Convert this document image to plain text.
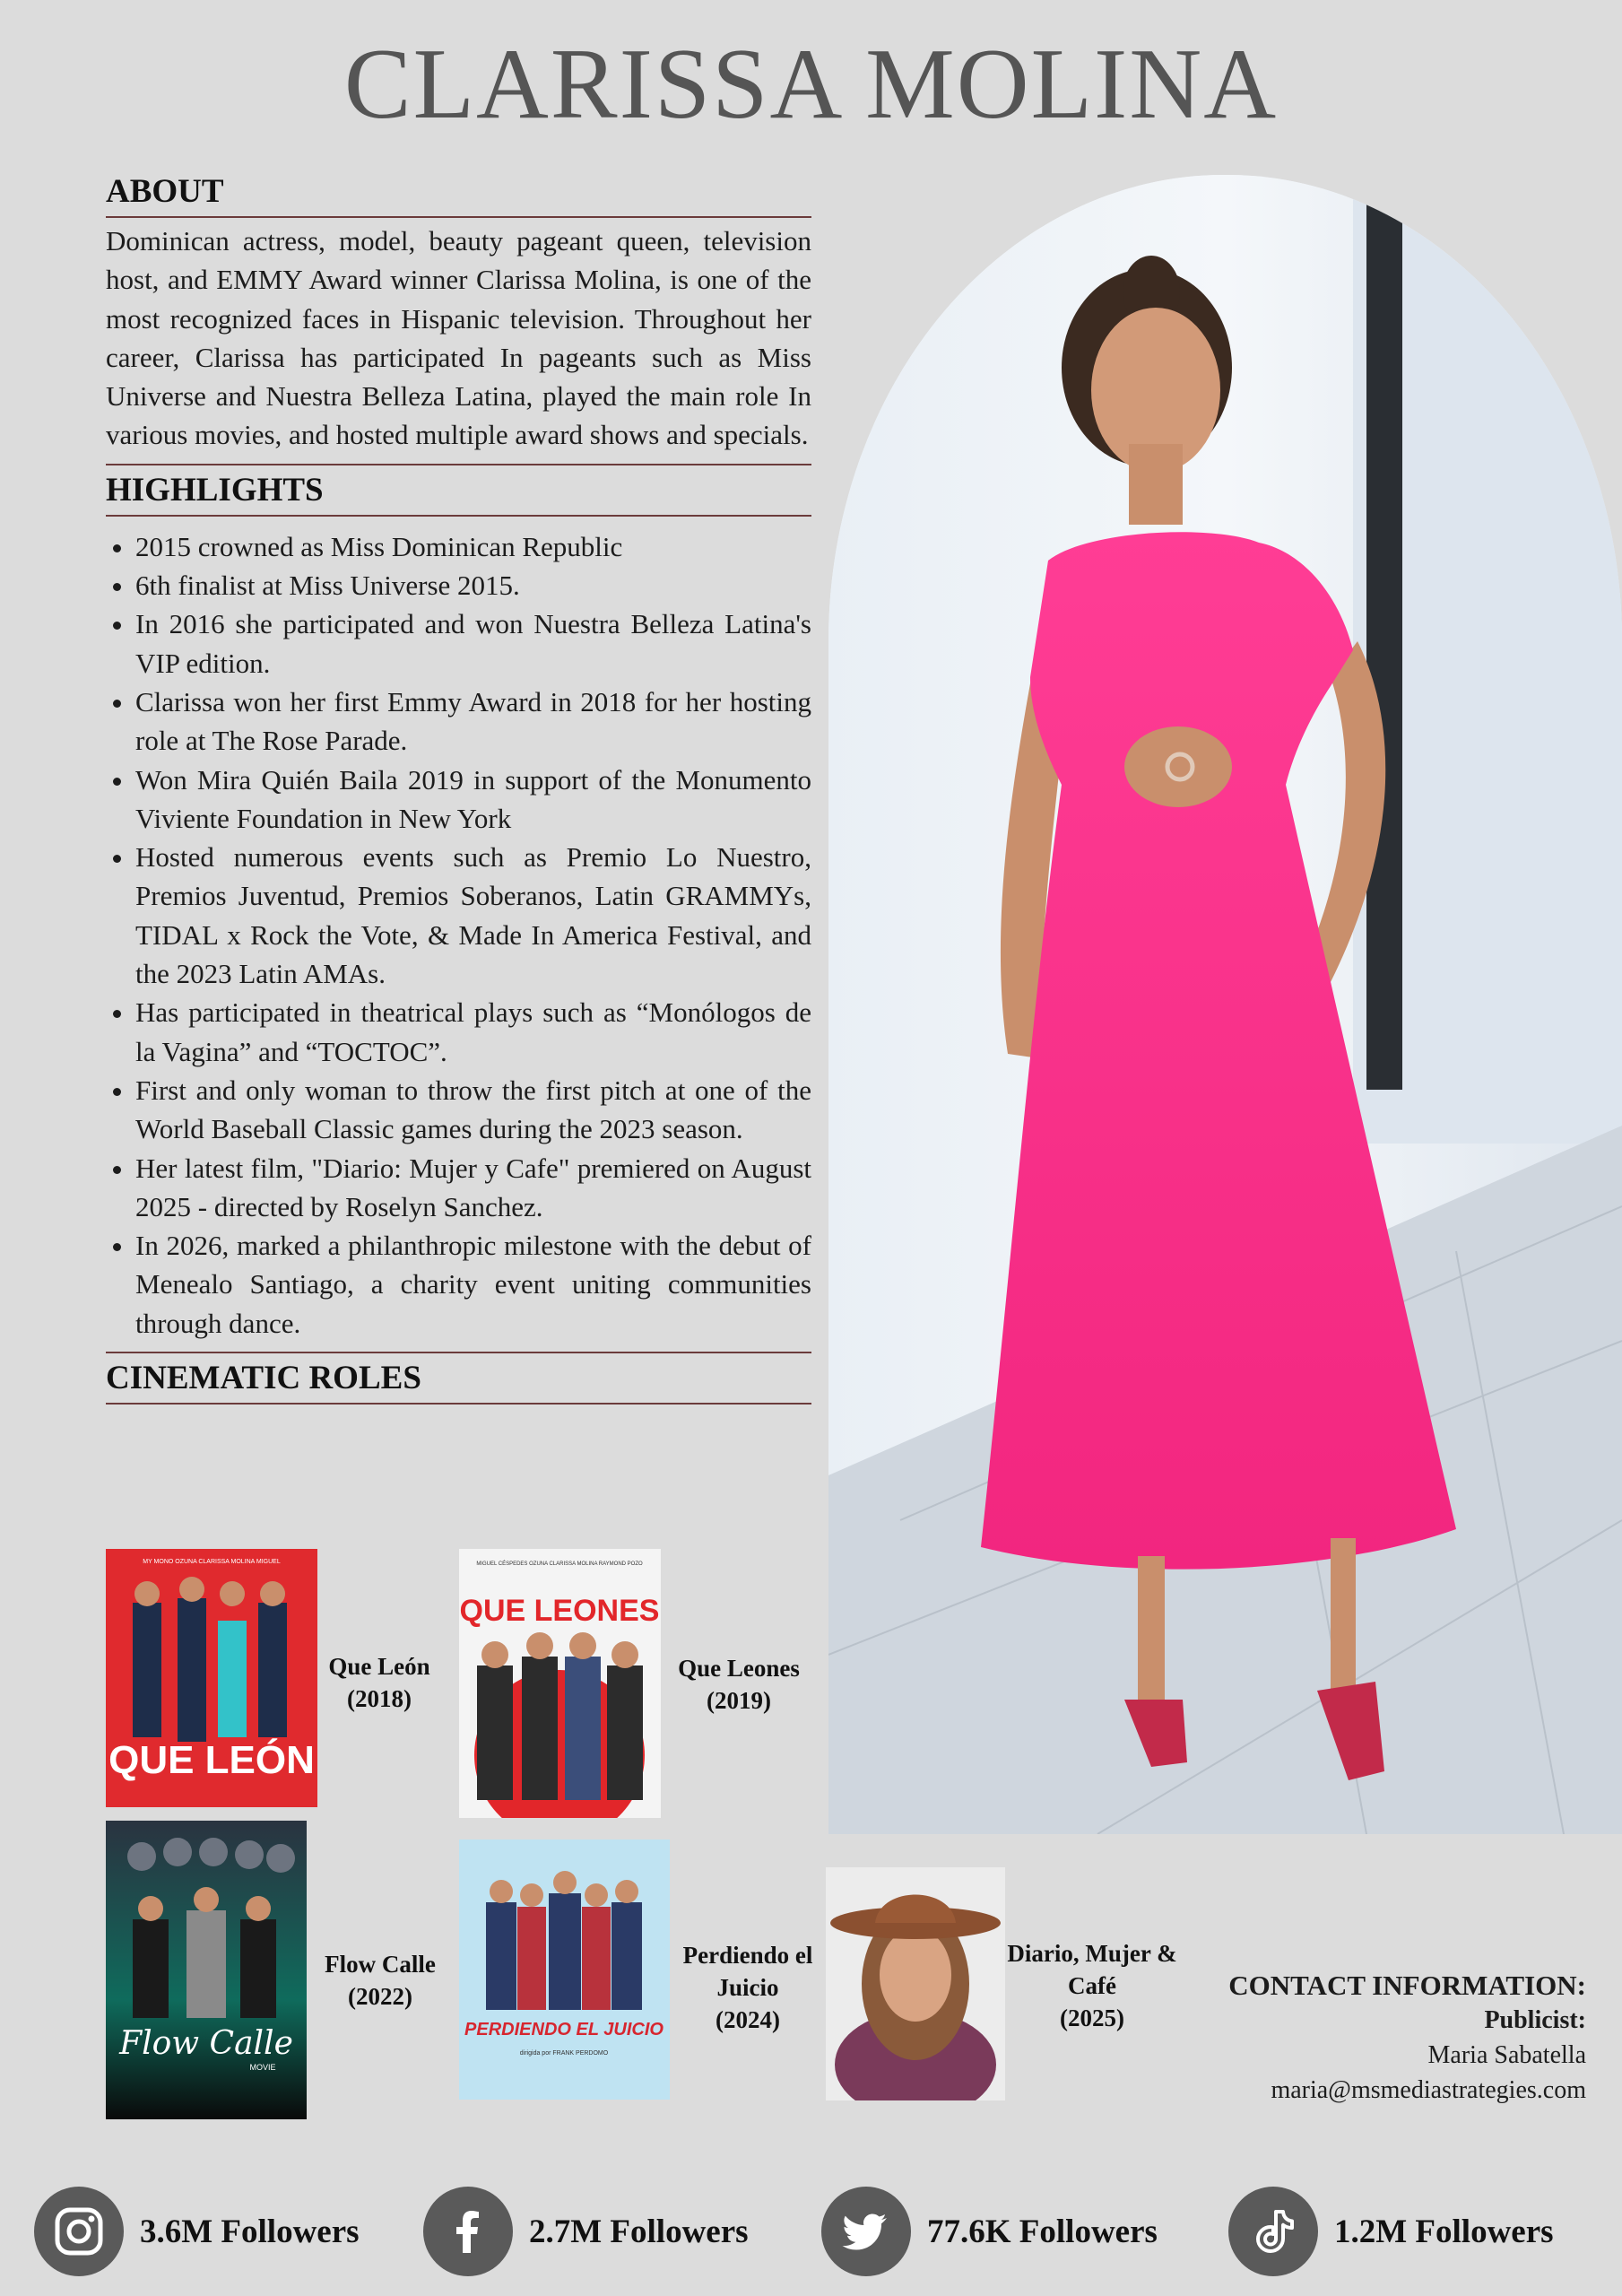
CLARISSA MOLINA
ABOUT

Dominican actress, model, beauty pageant queen, television host, and EMMY Award winner Clarissa Molina, is one of the most recognized faces in Hispanic television. Throughout her career, Clarissa has participated In pageants such as Miss Universe and Nuestra Belleza Latina, played the main role In various movies, and hosted multiple award shows and specials.

HIGHLIGHTS
• 2015 crowned as Miss Dominican Republic
• 6th finalist at Miss Universe 2015.
• In 2016 she participated and won Nuestra Belleza Latina's VIP edition.
• Clarissa won her first Emmy Award in 2018 for her hosting role at The Rose Parade.
• Won Mira Quién Baila 2019 in support of the Monumento Viviente Foundation in New York
• Hosted numerous events such as Premio Lo Nuestro, Premios Juventud, Premios Soberanos, Latin GRAMMYs, TIDAL x Rock the Vote, & Made In America Festival, and the 2023 Latin AMAs.
• Has participated in theatrical plays such as “Monólogos de la Vagina” and “TOCTOC”.
• First and only woman to throw the first pitch at one of the World Baseball Classic games during the 2023 season.
• Her latest film, "Diario: Mujer y Cafe" premiered on August 2025 - directed by Roselyn Sanchez.
• In 2026, marked a philanthropic milestone with the debut of Menealo Santiago, a charity event uniting communities through dance.
CINEMATIC ROLES
QUE LEÓN
MY MONO OZUNA CLARISSA MOLINA MIGUEL
Que León
(2018)
QUE LEONES
MIGUEL CÉSPEDES OZUNA CLARISSA MOLINA RAYMOND POZO
Que Leones
(2019)
Flow Calle
MOVIE
Flow Calle
(2022)
PERDIENDO EL JUICIO
dirigida por FRANK PERDOMO
Perdiendo el Juicio
(2024)
Diario, Mujer & Café
(2025)
CONTACT INFORMATION:
Publicist:
Maria Sabatella
maria@msmediastrategies.com
3.6M Followers	2.7M Followers	77.6K Followers	1.2M Followers
